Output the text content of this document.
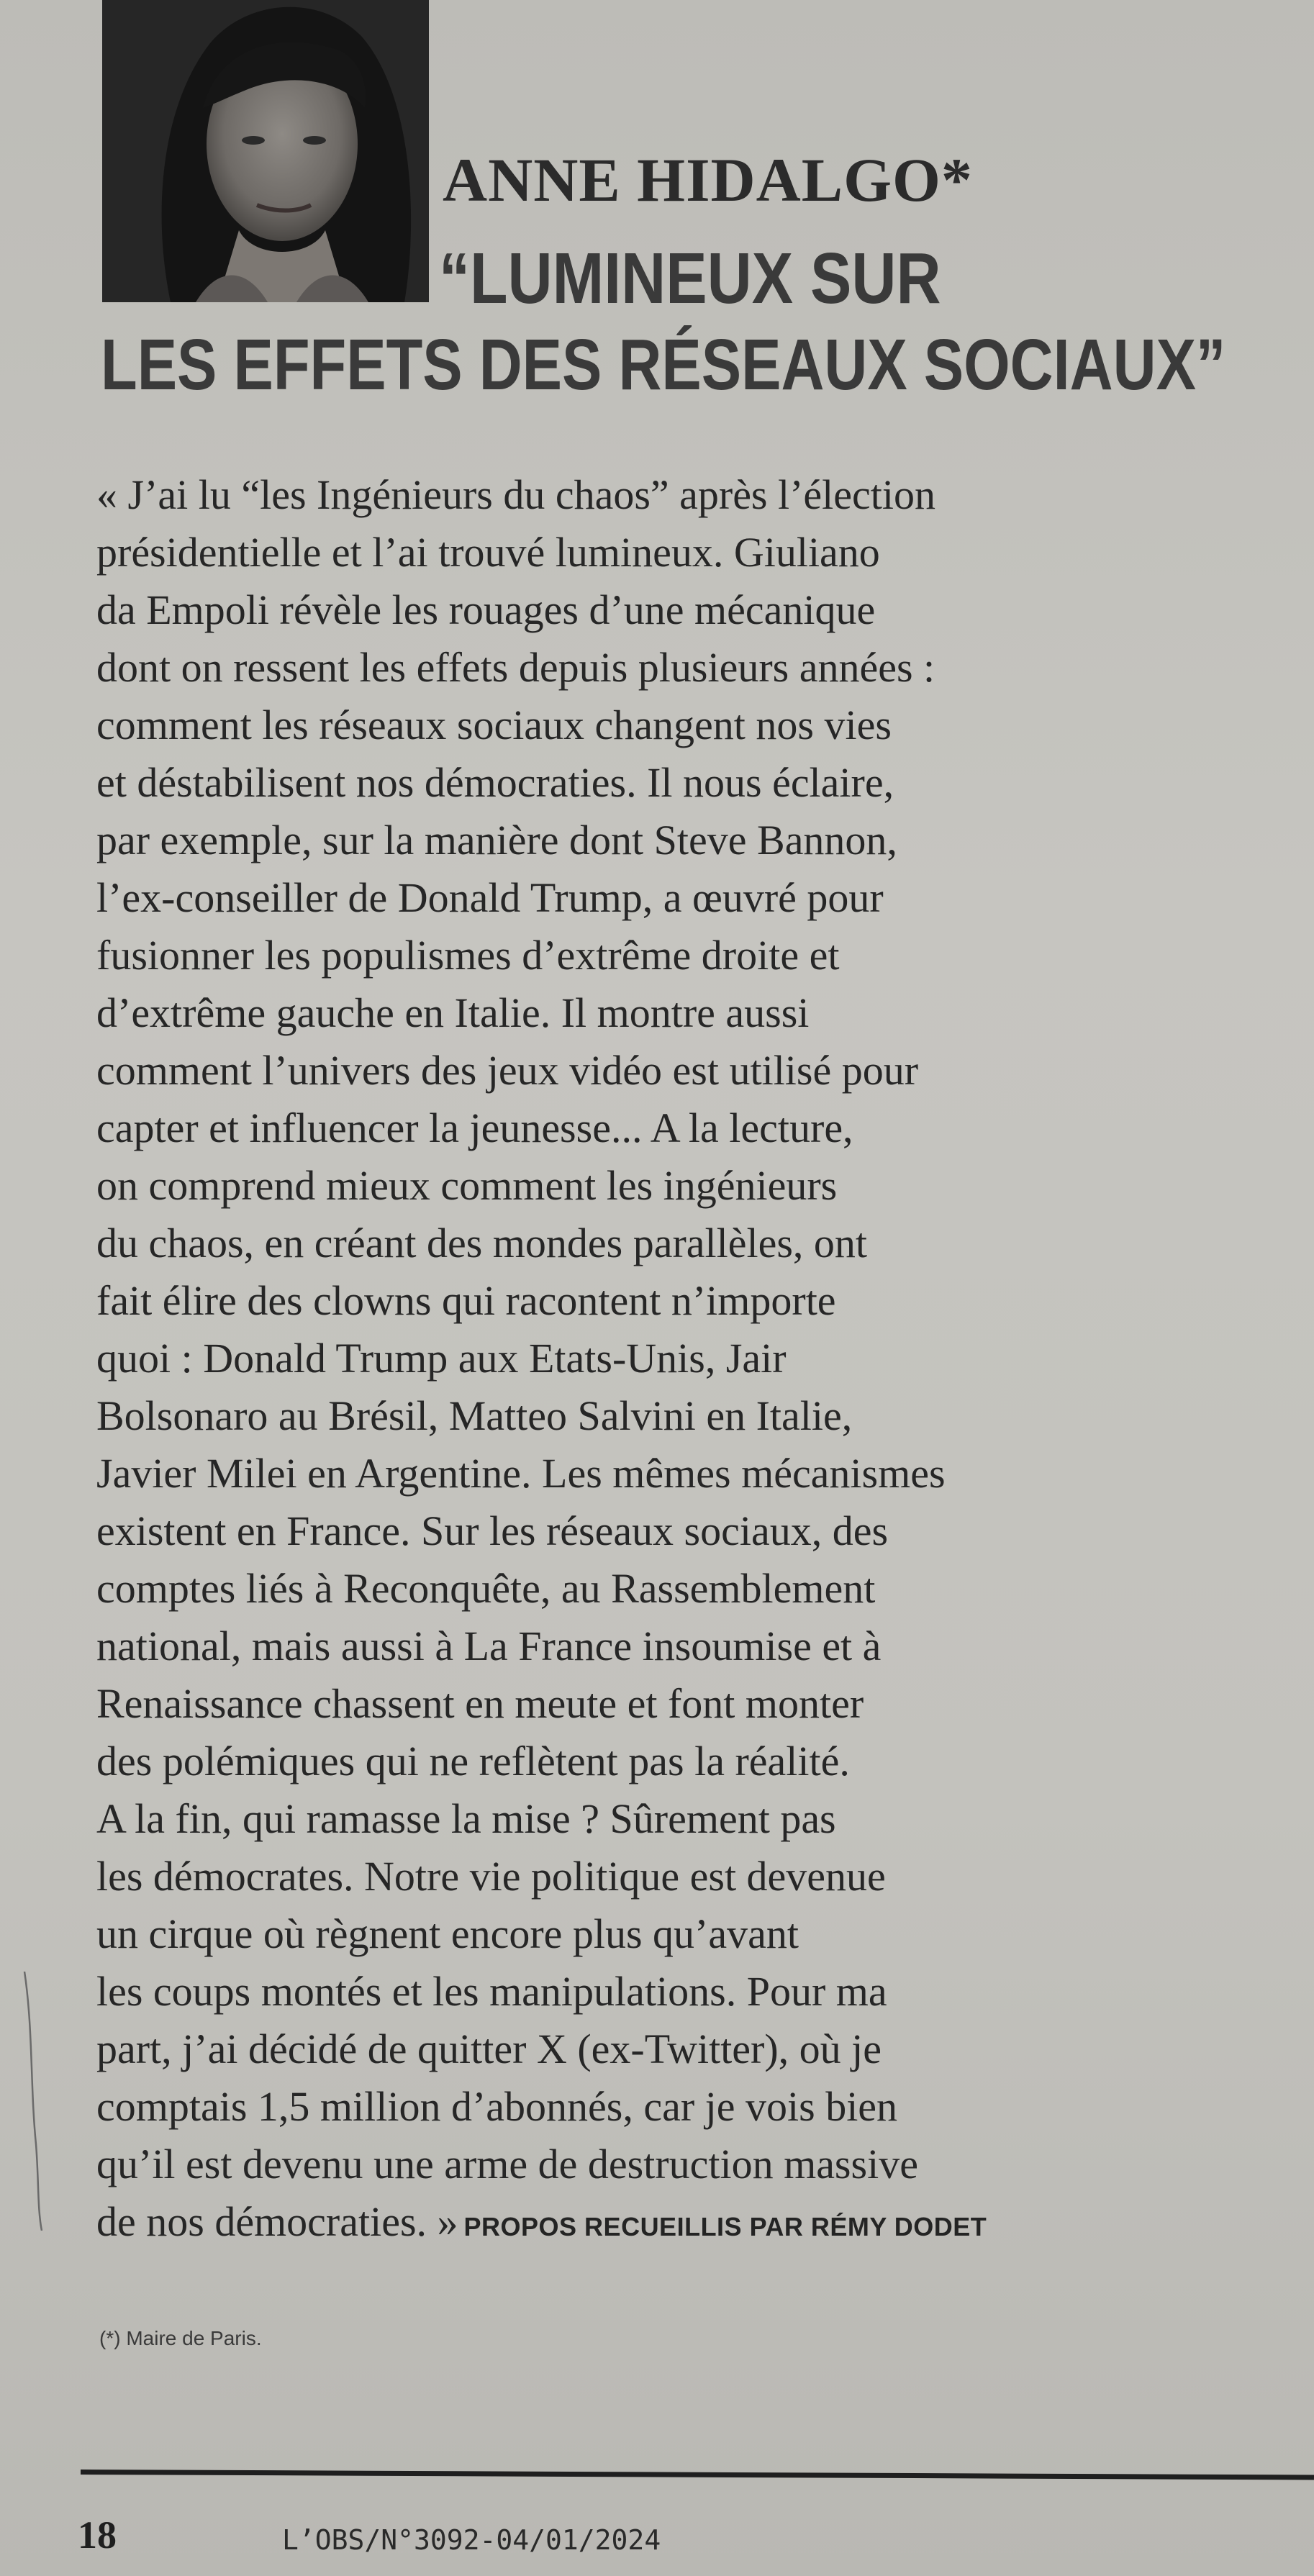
ANNE HIDALGO*
“LUMINEUX SUR
LES EFFETS DES RÉSEAUX SOCIAUX”
« J’ai lu “les Ingénieurs du chaos” après l’élection
présidentielle et l’ai trouvé lumineux. Giuliano
da Empoli révèle les rouages d’une mécanique
dont on ressent les effets depuis plusieurs années :
comment les réseaux sociaux changent nos vies
et déstabilisent nos démocraties. Il nous éclaire,
par exemple, sur la manière dont Steve Bannon,
l’ex-conseiller de Donald Trump, a œuvré pour
fusionner les populismes d’extrême droite et
d’extrême gauche en Italie. Il montre aussi
comment l’univers des jeux vidéo est utilisé pour
capter et influencer la jeunesse... A la lecture,
on comprend mieux comment les ingénieurs
du chaos, en créant des mondes parallèles, ont
fait élire des clowns qui racontent n’importe
quoi : Donald Trump aux Etats-Unis, Jair
Bolsonaro au Brésil, Matteo Salvini en Italie,
Javier Milei en Argentine. Les mêmes mécanismes
existent en France. Sur les réseaux sociaux, des
comptes liés à Reconquête, au Rassemblement
national, mais aussi à La France insoumise et à
Renaissance chassent en meute et font monter
des polémiques qui ne reflètent pas la réalité.
A la fin, qui ramasse la mise ? Sûrement pas
les démocrates. Notre vie politique est devenue
un cirque où règnent encore plus qu’avant
les coups montés et les manipulations. Pour ma
part, j’ai décidé de quitter X (ex-Twitter), où je
comptais 1,5 million d’abonnés, car je vois bien
qu’il est devenu une arme de destruction massive
de nos démocraties. » PROPOS RECUEILLIS PAR RÉMY DODET
(*) Maire de Paris.
18	L’OBS/N°3092-04/01/2024
